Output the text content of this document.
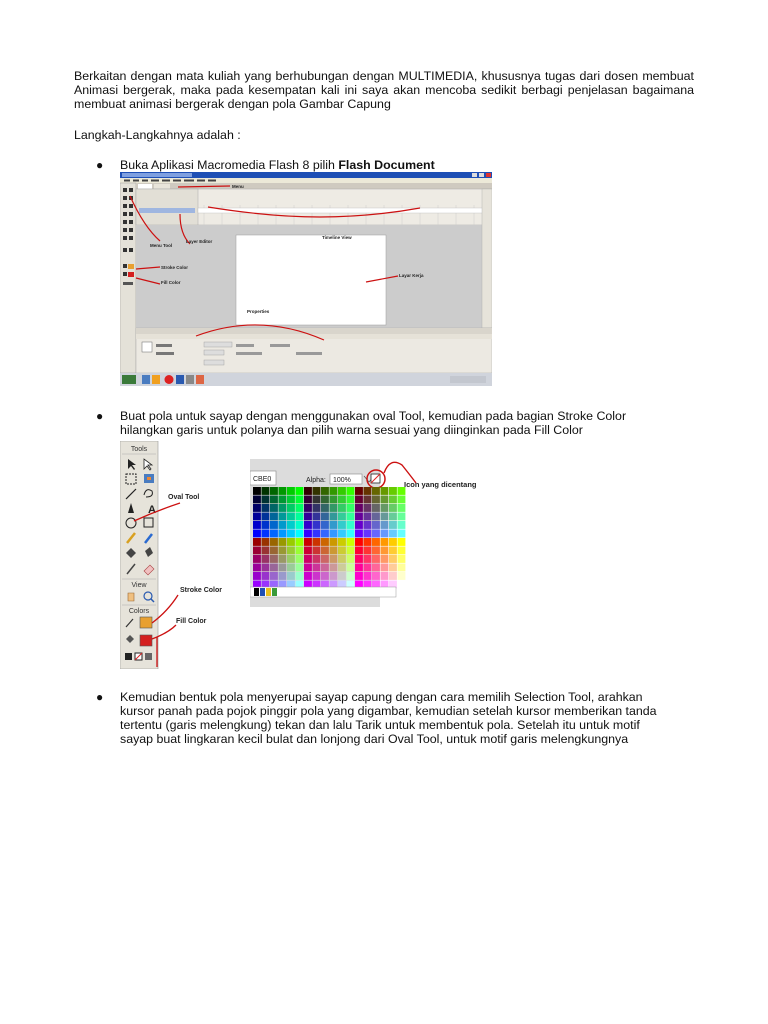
Berkaitan dengan mata kuliah yang berhubungan dengan MULTIMEDIA, khususnya tugas dari dosen membuat Animasi bergerak, maka pada kesempatan kali ini saya akan mencoba sedikit berbagi penjelasan bagaimana membuat animasi bergerak dengan pola Gambar Capung
Langkah-Langkahnya adalah :
● Buka Aplikasi Macromedia Flash 8 pilih Flash Document
Menu
Timeline View
Menu Tool
Layer Editor
Stroke Color
Fill Color
Layar Kerja
Properties
● Buat pola untuk sayap dengan menggunakan oval Tool, kemudian pada bagian Stroke Color hilangkan garis untuk polanya dan pilih warna sesuai yang diinginkan pada Fill Color
Tools
A
View
Colors
Oval Tool
Stroke Color
Fill Color
CBE0	Alpha: 100%	Icon yang dicentang
● Kemudian bentuk pola menyerupai sayap capung dengan cara memilih Selection Tool, arahkan kursor panah pada pojok pinggir pola yang digambar, kemudian setelah kursor memberikan tanda tertentu (garis melengkung) tekan dan lalu Tarik untuk membentuk pola. Setelah itu untuk motif sayap buat lingkaran kecil bulat dan lonjong dari Oval Tool, untuk motif garis melengkungnya
